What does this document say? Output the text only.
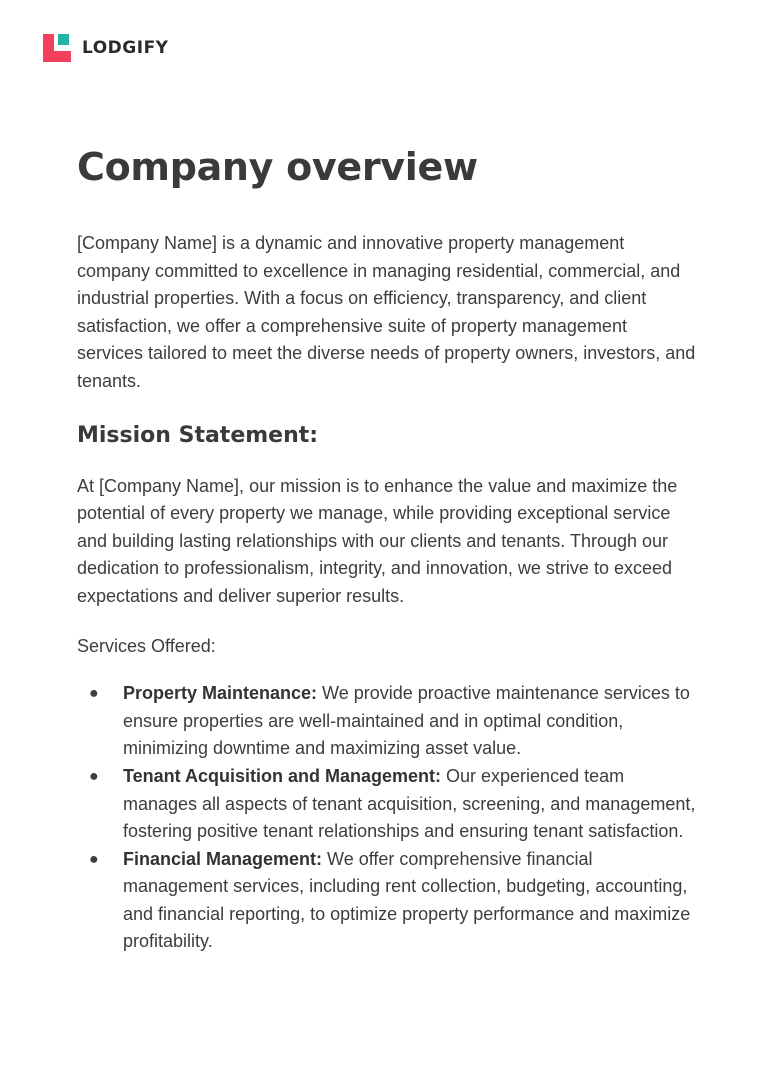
LODGIFY
Company overview

[Company Name] is a dynamic and innovative property management company committed to excellence in managing residential, commercial, and industrial properties. With a focus on efficiency, transparency, and client satisfaction, we offer a comprehensive suite of property management services tailored to meet the diverse needs of property owners, investors, and tenants.

Mission Statement:

At [Company Name], our mission is to enhance the value and maximize the potential of every property we manage, while providing exceptional service and building lasting relationships with our clients and tenants. Through our dedication to professionalism, integrity, and innovation, we strive to exceed expectations and deliver superior results.

Services Offered:

● Property Maintenance: We provide proactive maintenance services to ensure properties are well-maintained and in optimal condition, minimizing downtime and maximizing asset value.
● Tenant Acquisition and Management: Our experienced team manages all aspects of tenant acquisition, screening, and management, fostering positive tenant relationships and ensuring tenant satisfaction.
● Financial Management: We offer comprehensive financial management services, including rent collection, budgeting, accounting, and financial reporting, to optimize property performance and maximize profitability.
